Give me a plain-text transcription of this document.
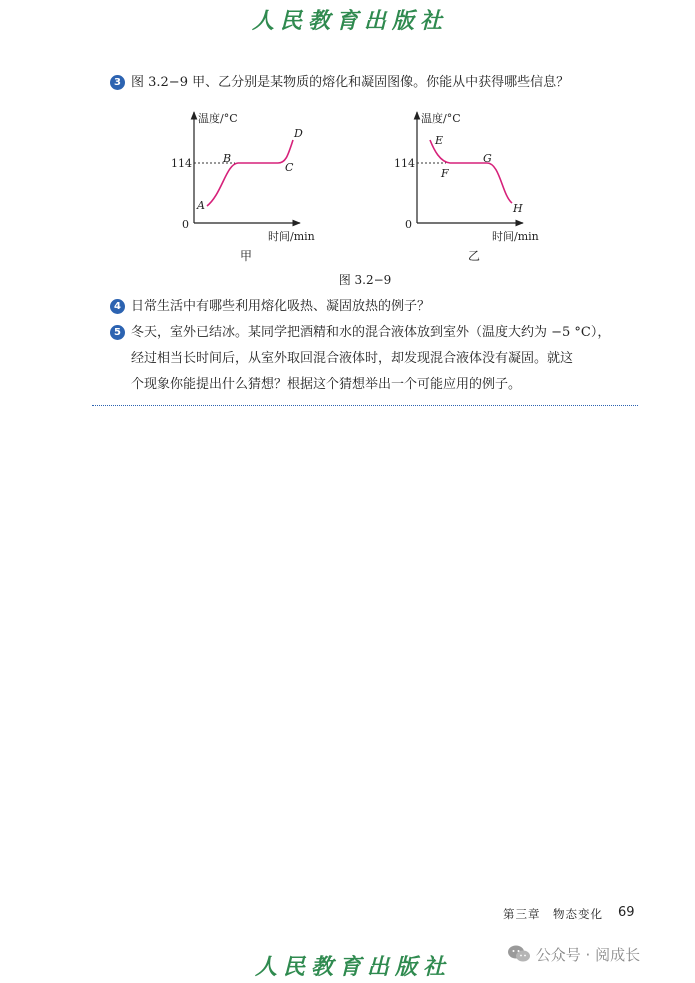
人民教育出版社
3 图 3.2−9 甲、乙分别是某物质的熔化和凝固图像。你能从中获得哪些信息？
温度/°C
时间/min
0
114
A
B
C
D
甲
温度/°C
时间/min
0
114
E
F
G
H
乙
图 3.2−9
4 日常生活中有哪些利用熔化吸热、凝固放热的例子？
5 冬天，室外已结冰。某同学把酒精和水的混合液体放到室外（温度大约为 −5 °C），
经过相当长时间后，从室外取回混合液体时，却发现混合液体没有凝固。就这
个现象你能提出什么猜想？根据这个猜想举出一个可能应用的例子。
第三章　物态变化 69
人民教育出版社	公众号 · 阅成长
